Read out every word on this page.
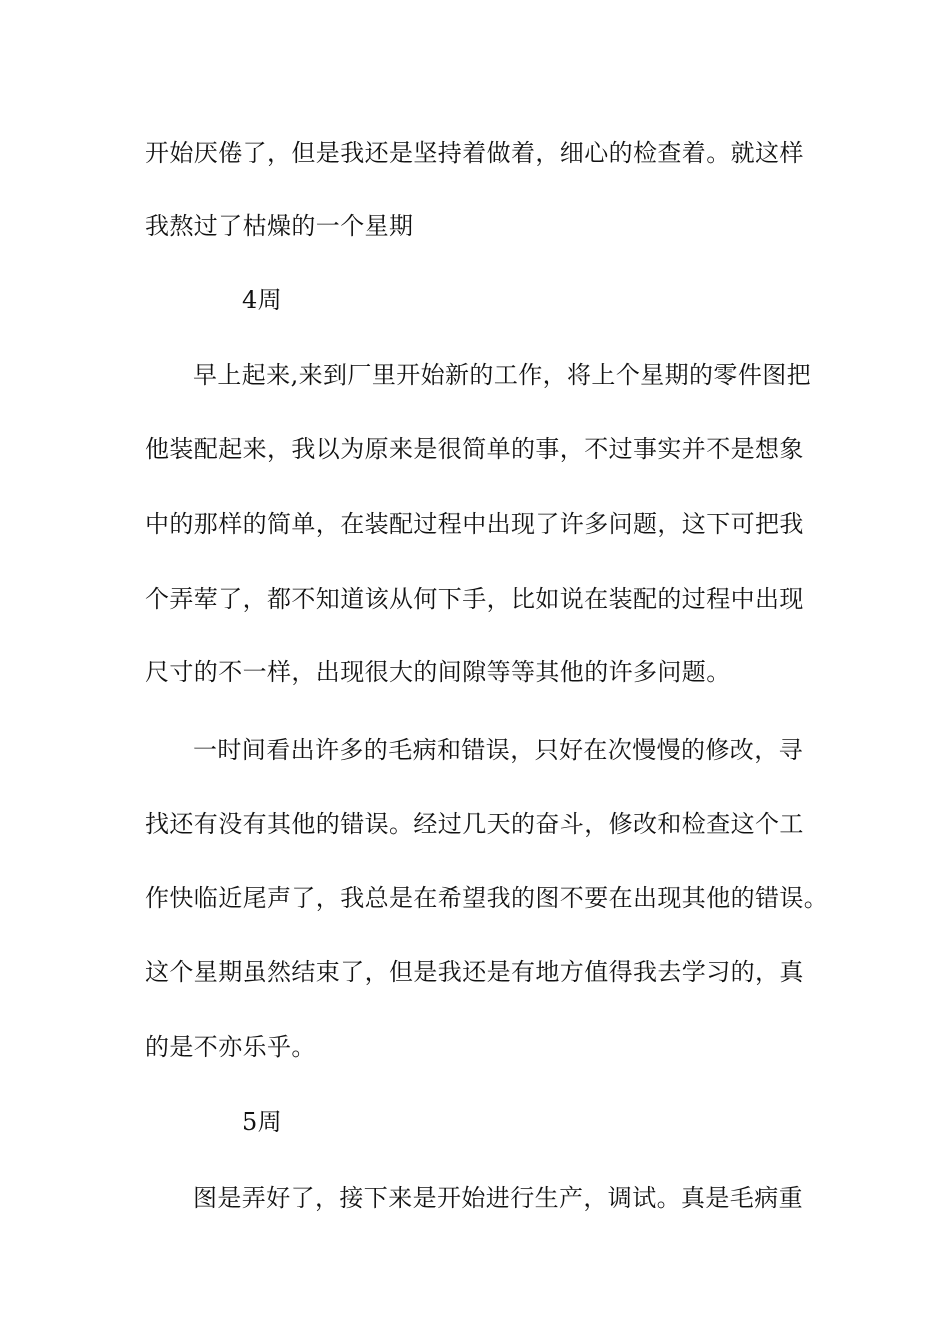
开始厌倦了，但是我还是坚持着做着，细心的检查着。就这样
我熬过了枯燥的一个星期
4周
早上起来,来到厂里开始新的工作，将上个星期的零件图把
他装配起来，我以为原来是很简单的事，不过事实并不是想象
中的那样的简单，在装配过程中出现了许多问题，这下可把我
个弄荤了，都不知道该从何下手，比如说在装配的过程中出现
尺寸的不一样，出现很大的间隙等等其他的许多问题。
一时间看出许多的毛病和错误，只好在次慢慢的修改，寻
找还有没有其他的错误。经过几天的奋斗，修改和检查这个工
作快临近尾声了，我总是在希望我的图不要在出现其他的错误。
这个星期虽然结束了，但是我还是有地方值得我去学习的，真
的是不亦乐乎。
5周
图是弄好了，接下来是开始进行生产，调试。真是毛病重
